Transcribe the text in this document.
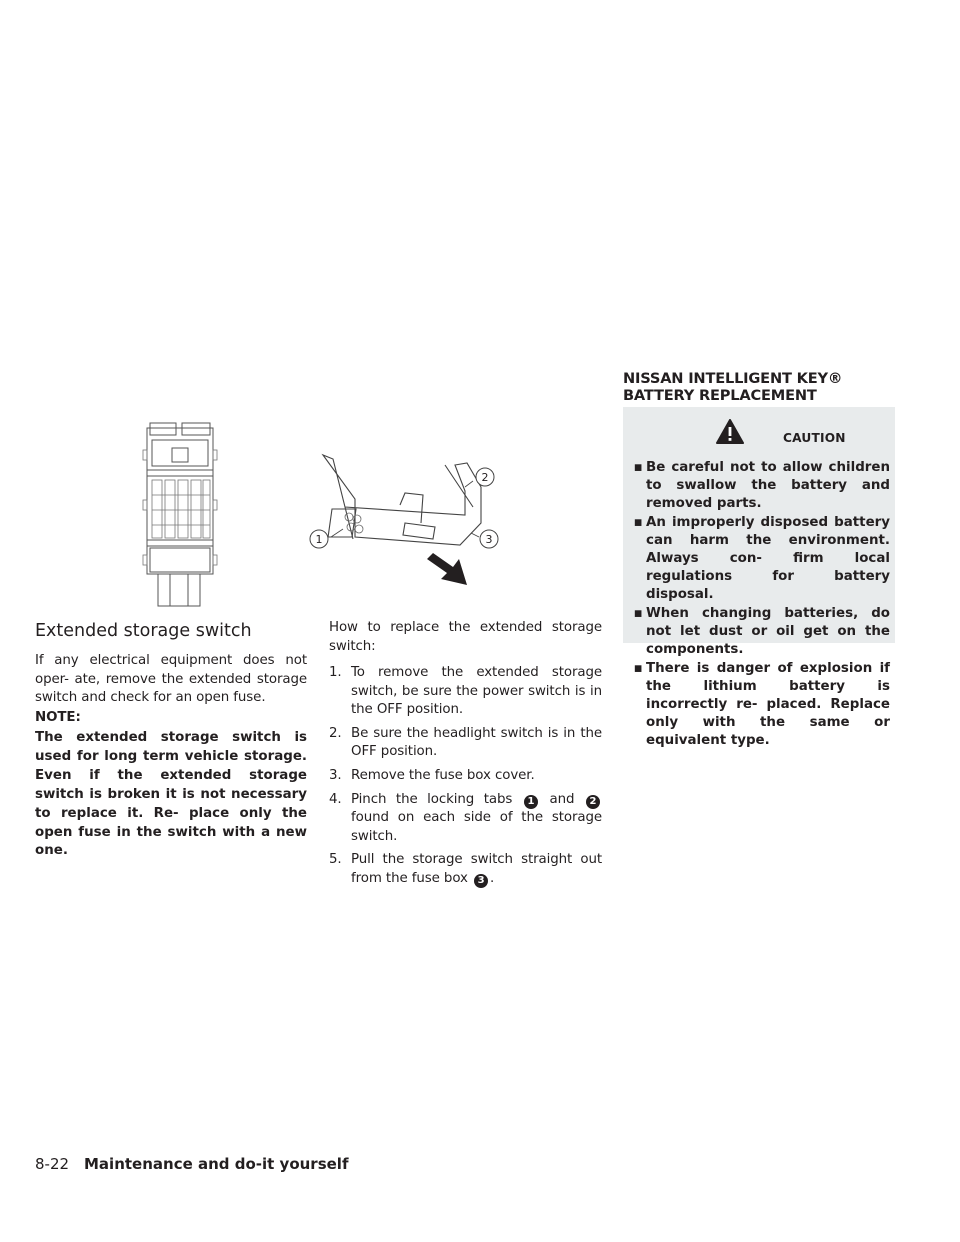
1
2
3
Extended storage switch
If any electrical equipment does not oper- ate, remove the extended storage switch and check for an open fuse.
NOTE:
The extended storage switch is used for long term vehicle storage. Even if the extended storage switch is broken it is not necessary to replace it. Re- place only the open fuse in the switch with a new one.
How to replace the extended storage switch:
1. To remove the extended storage switch, be sure the power switch is in the OFF position.
2. Be sure the headlight switch is in the OFF position.
3. Remove the fuse box cover.
4. Pinch the locking tabs 1 and 2 found on each side of the storage switch.
5. Pull the storage switch straight out from the fuse box 3 .
NISSAN INTELLIGENT KEY® BATTERY REPLACEMENT
CAUTION
▪ Be careful not to allow children to swallow the battery and removed parts.
▪ An improperly disposed battery can harm the environment. Always con- firm local regulations for battery disposal.
▪ When changing batteries, do not let dust or oil get on the components.
▪ There is danger of explosion if the lithium battery is incorrectly re- placed. Replace only with the same or equivalent type.
8-22 Maintenance and do-it yourself
